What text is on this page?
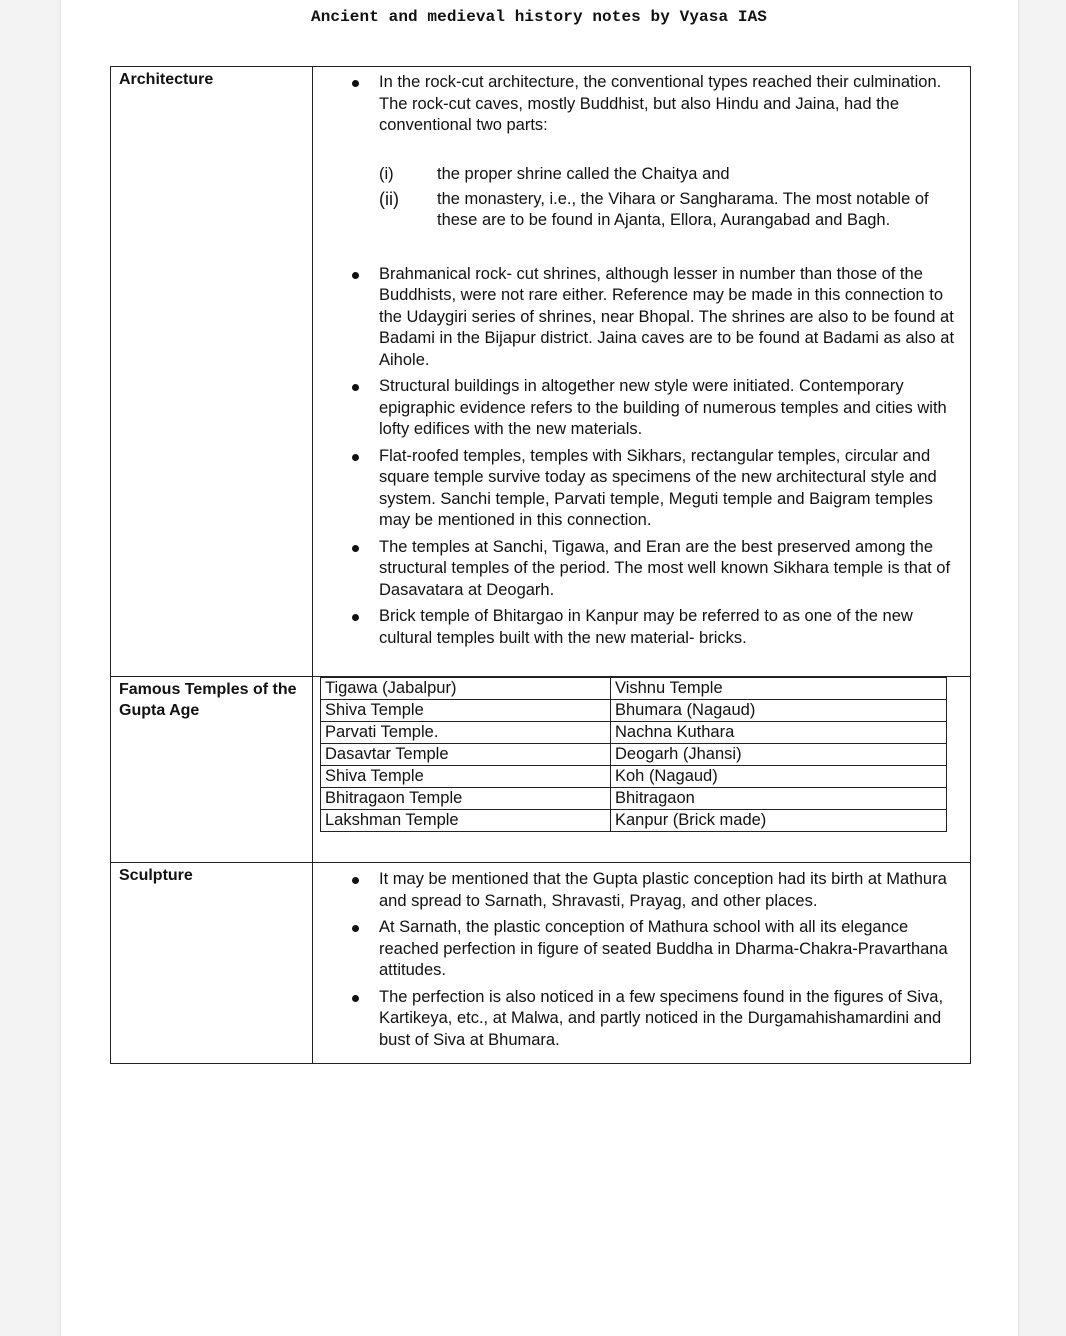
Ancient and medieval history notes by Vyasa IAS
Architecture	In the rock-cut architecture, the conventional types reached their culmination. The rock-cut caves, mostly Buddhist, but also Hindu and Jaina, had the conventional two parts:
(i)	the proper shrine called the Chaitya and
(ii)	the monastery, i.e., the Vihara or Sangharama. The most notable of these are to be found in Ajanta, Ellora, Aurangabad and Bagh.
Brahmanical rock- cut shrines, although lesser in number than those of the Buddhists, were not rare either. Reference may be made in this connection to the Udaygiri series of shrines, near Bhopal. The shrines are also to be found at Badami in the Bijapur district. Jaina caves are to be found at Badami as also at Aihole.
Structural buildings in altogether new style were initiated. Contemporary epigraphic evidence refers to the building of numerous temples and cities with lofty edifices with the new materials.
Flat-roofed temples, temples with Sikhars, rectangular temples, circular and square temple survive today as specimens of the new architectural style and system. Sanchi temple, Parvati temple, Meguti temple and Baigram temples may be mentioned in this connection.
The temples at Sanchi, Tigawa, and Eran are the best preserved among the structural temples of the period. The most well known Sikhara temple is that of Dasavatara at Deogarh.
Brick temple of Bhitargao in Kanpur may be referred to as one of the new cultural temples built with the new material- bricks.

Famous Temples of the Gupta Age	
Tigawa (Jabalpur)	Vishnu Temple
Shiva Temple	Bhumara (Nagaud)
Parvati Temple.	Nachna Kuthara
Dasavtar Temple	Deogarh (Jhansi)
Shiva Temple	Koh (Nagaud)
Bhitragaon Temple	Bhitragaon
Lakshman Temple	Kanpur (Brick made)

Sculpture	It may be mentioned that the Gupta plastic conception had its birth at Mathura and spread to Sarnath, Shravasti, Prayag, and other places.
At Sarnath, the plastic conception of Mathura school with all its elegance reached perfection in figure of seated Buddha in Dharma-Chakra-Pravarthana attitudes.
The perfection is also noticed in a few specimens found in the figures of Siva, Kartikeya, etc., at Malwa, and partly noticed in the Durgamahishamardini and bust of Siva at Bhumara.
